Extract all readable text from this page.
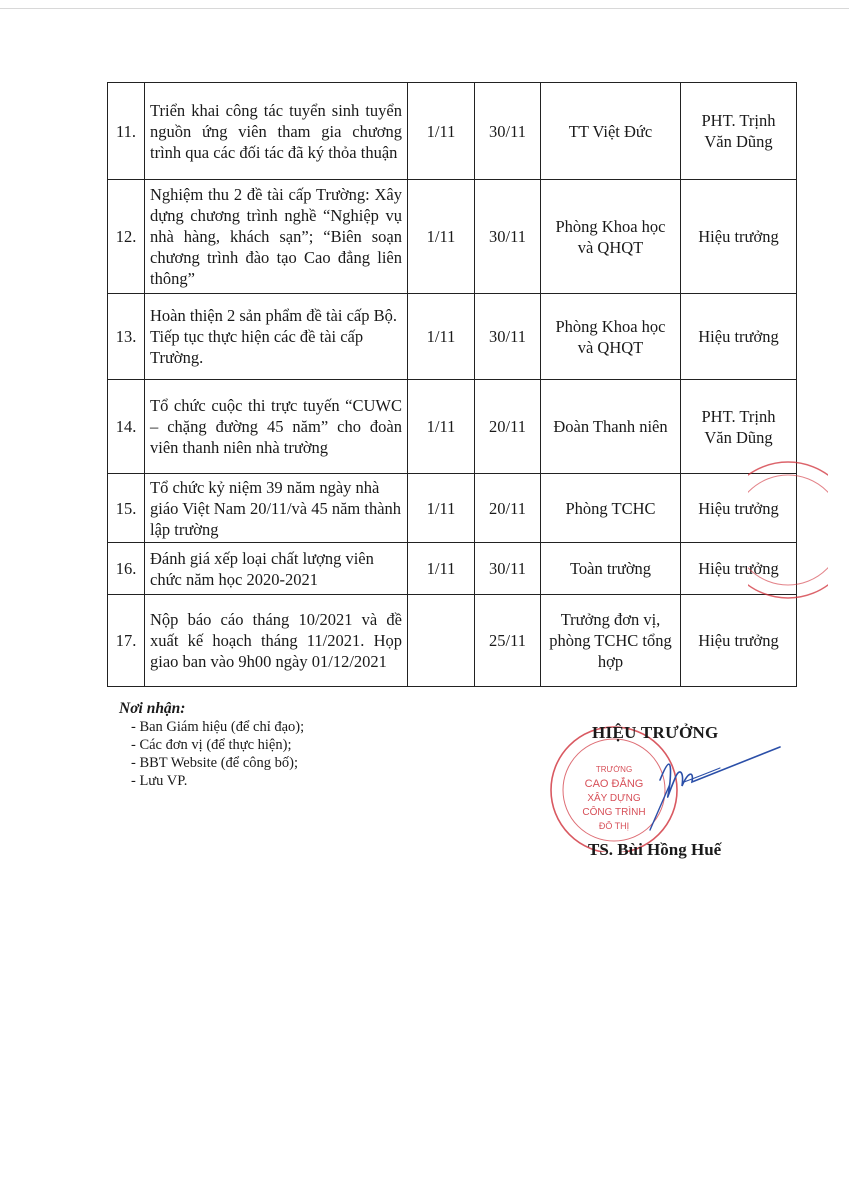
11.	Triển khai công tác tuyển sinh tuyển nguồn ứng viên tham gia chương trình qua các đối tác đã ký thỏa thuận	1/11	30/11	TT Việt Đức	PHT. Trịnh Văn Dũng
12.	Nghiệm thu 2 đề tài cấp Trường: Xây dựng chương trình nghề “Nghiệp vụ nhà hàng, khách sạn”; “Biên soạn chương trình đào tạo Cao đẳng liên thông”	1/11	30/11	Phòng Khoa học và QHQT	Hiệu trưởng
13.	Hoàn thiện 2 sản phẩm đề tài cấp Bộ. Tiếp tục thực hiện các đề tài cấp Trường.	1/11	30/11	Phòng Khoa học và QHQT	Hiệu trưởng
14.	Tổ chức cuộc thi trực tuyến “CUWC – chặng đường 45 năm” cho đoàn viên thanh niên nhà trường	1/11	20/11	Đoàn Thanh niên	PHT. Trịnh Văn Dũng
15.	Tổ chức kỷ niệm 39 năm ngày nhà giáo Việt Nam 20/11/và 45 năm thành lập trường	1/11	20/11	Phòng TCHC	Hiệu trưởng
16.	Đánh giá xếp loại chất lượng viên chức năm học 2020-2021	1/11	30/11	Toàn trường	Hiệu trưởng
17.	Nộp báo cáo tháng 10/2021 và đề xuất kế hoạch tháng 11/2021. Họp giao ban vào 9h00 ngày 01/12/2021		25/11	Trưởng đơn vị, phòng TCHC tổng hợp	Hiệu trưởng
Nơi nhận:
- Ban Giám hiệu (để chỉ đạo);
- Các đơn vị (để thực hiện);
- BBT Website (để công bố);
- Lưu VP.
TRƯỜNG
CAO ĐẲNG
XÂY DỰNG
CÔNG TRÌNH
ĐÔ THỊ
HIỆU TRƯỞNG
TS. Bùi Hồng Huế
